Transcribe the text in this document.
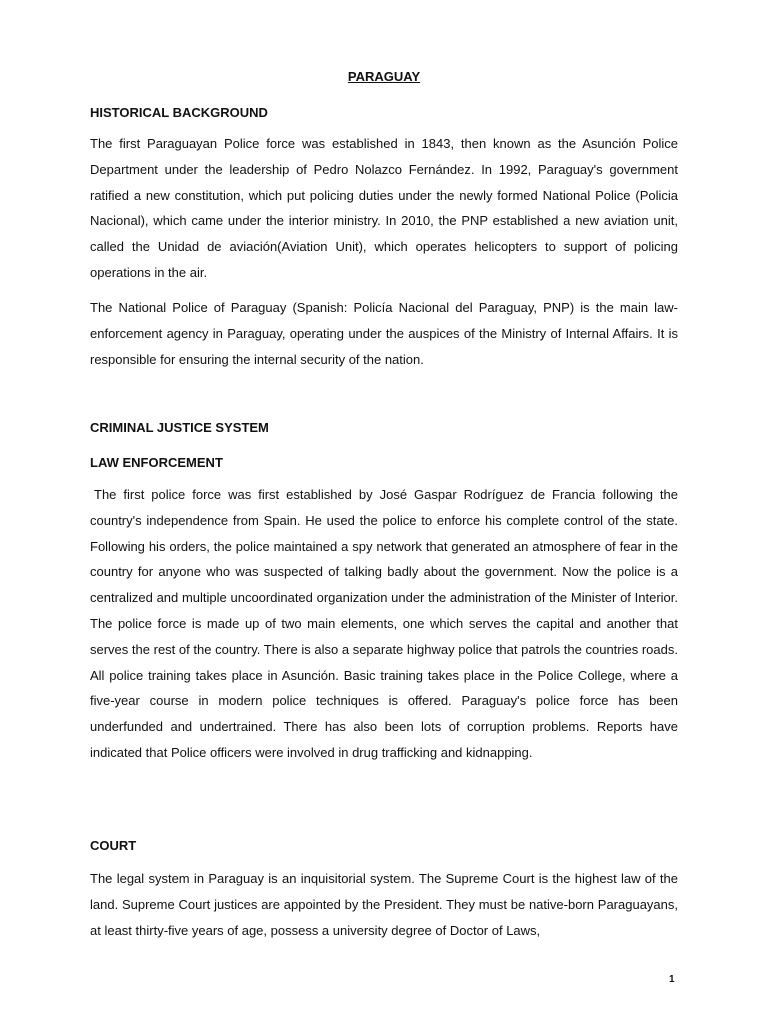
PARAGUAY
HISTORICAL BACKGROUND
The first Paraguayan Police force was established in 1843, then known as the Asunción Police Department under the leadership of Pedro Nolazco Fernández. In 1992, Paraguay's government ratified a new constitution, which put policing duties under the newly formed National Police (Policia Nacional), which came under the interior ministry. In 2010, the PNP established a new aviation unit, called the Unidad de aviación(Aviation Unit), which operates helicopters to support of policing operations in the air.
The National Police of Paraguay (Spanish: Policía Nacional del Paraguay, PNP) is the main law-enforcement agency in Paraguay, operating under the auspices of the Ministry of Internal Affairs. It is responsible for ensuring the internal security of the nation.
CRIMINAL JUSTICE SYSTEM
LAW ENFORCEMENT
The first police force was first established by José Gaspar Rodríguez de Francia following the country's independence from Spain. He used the police to enforce his complete control of the state. Following his orders, the police maintained a spy network that generated an atmosphere of fear in the country for anyone who was suspected of talking badly about the government. Now the police is a centralized and multiple uncoordinated organization under the administration of the Minister of Interior. The police force is made up of two main elements, one which serves the capital and another that serves the rest of the country. There is also a separate highway police that patrols the countries roads. All police training takes place in Asunción. Basic training takes place in the Police College, where a five-year course in modern police techniques is offered. Paraguay's police force has been underfunded and undertrained. There has also been lots of corruption problems. Reports have indicated that Police officers were involved in drug trafficking and kidnapping.
COURT
The legal system in Paraguay is an inquisitorial system. The Supreme Court is the highest law of the land. Supreme Court justices are appointed by the President. They must be native-born Paraguayans, at least thirty-five years of age, possess a university degree of Doctor of Laws,
1
